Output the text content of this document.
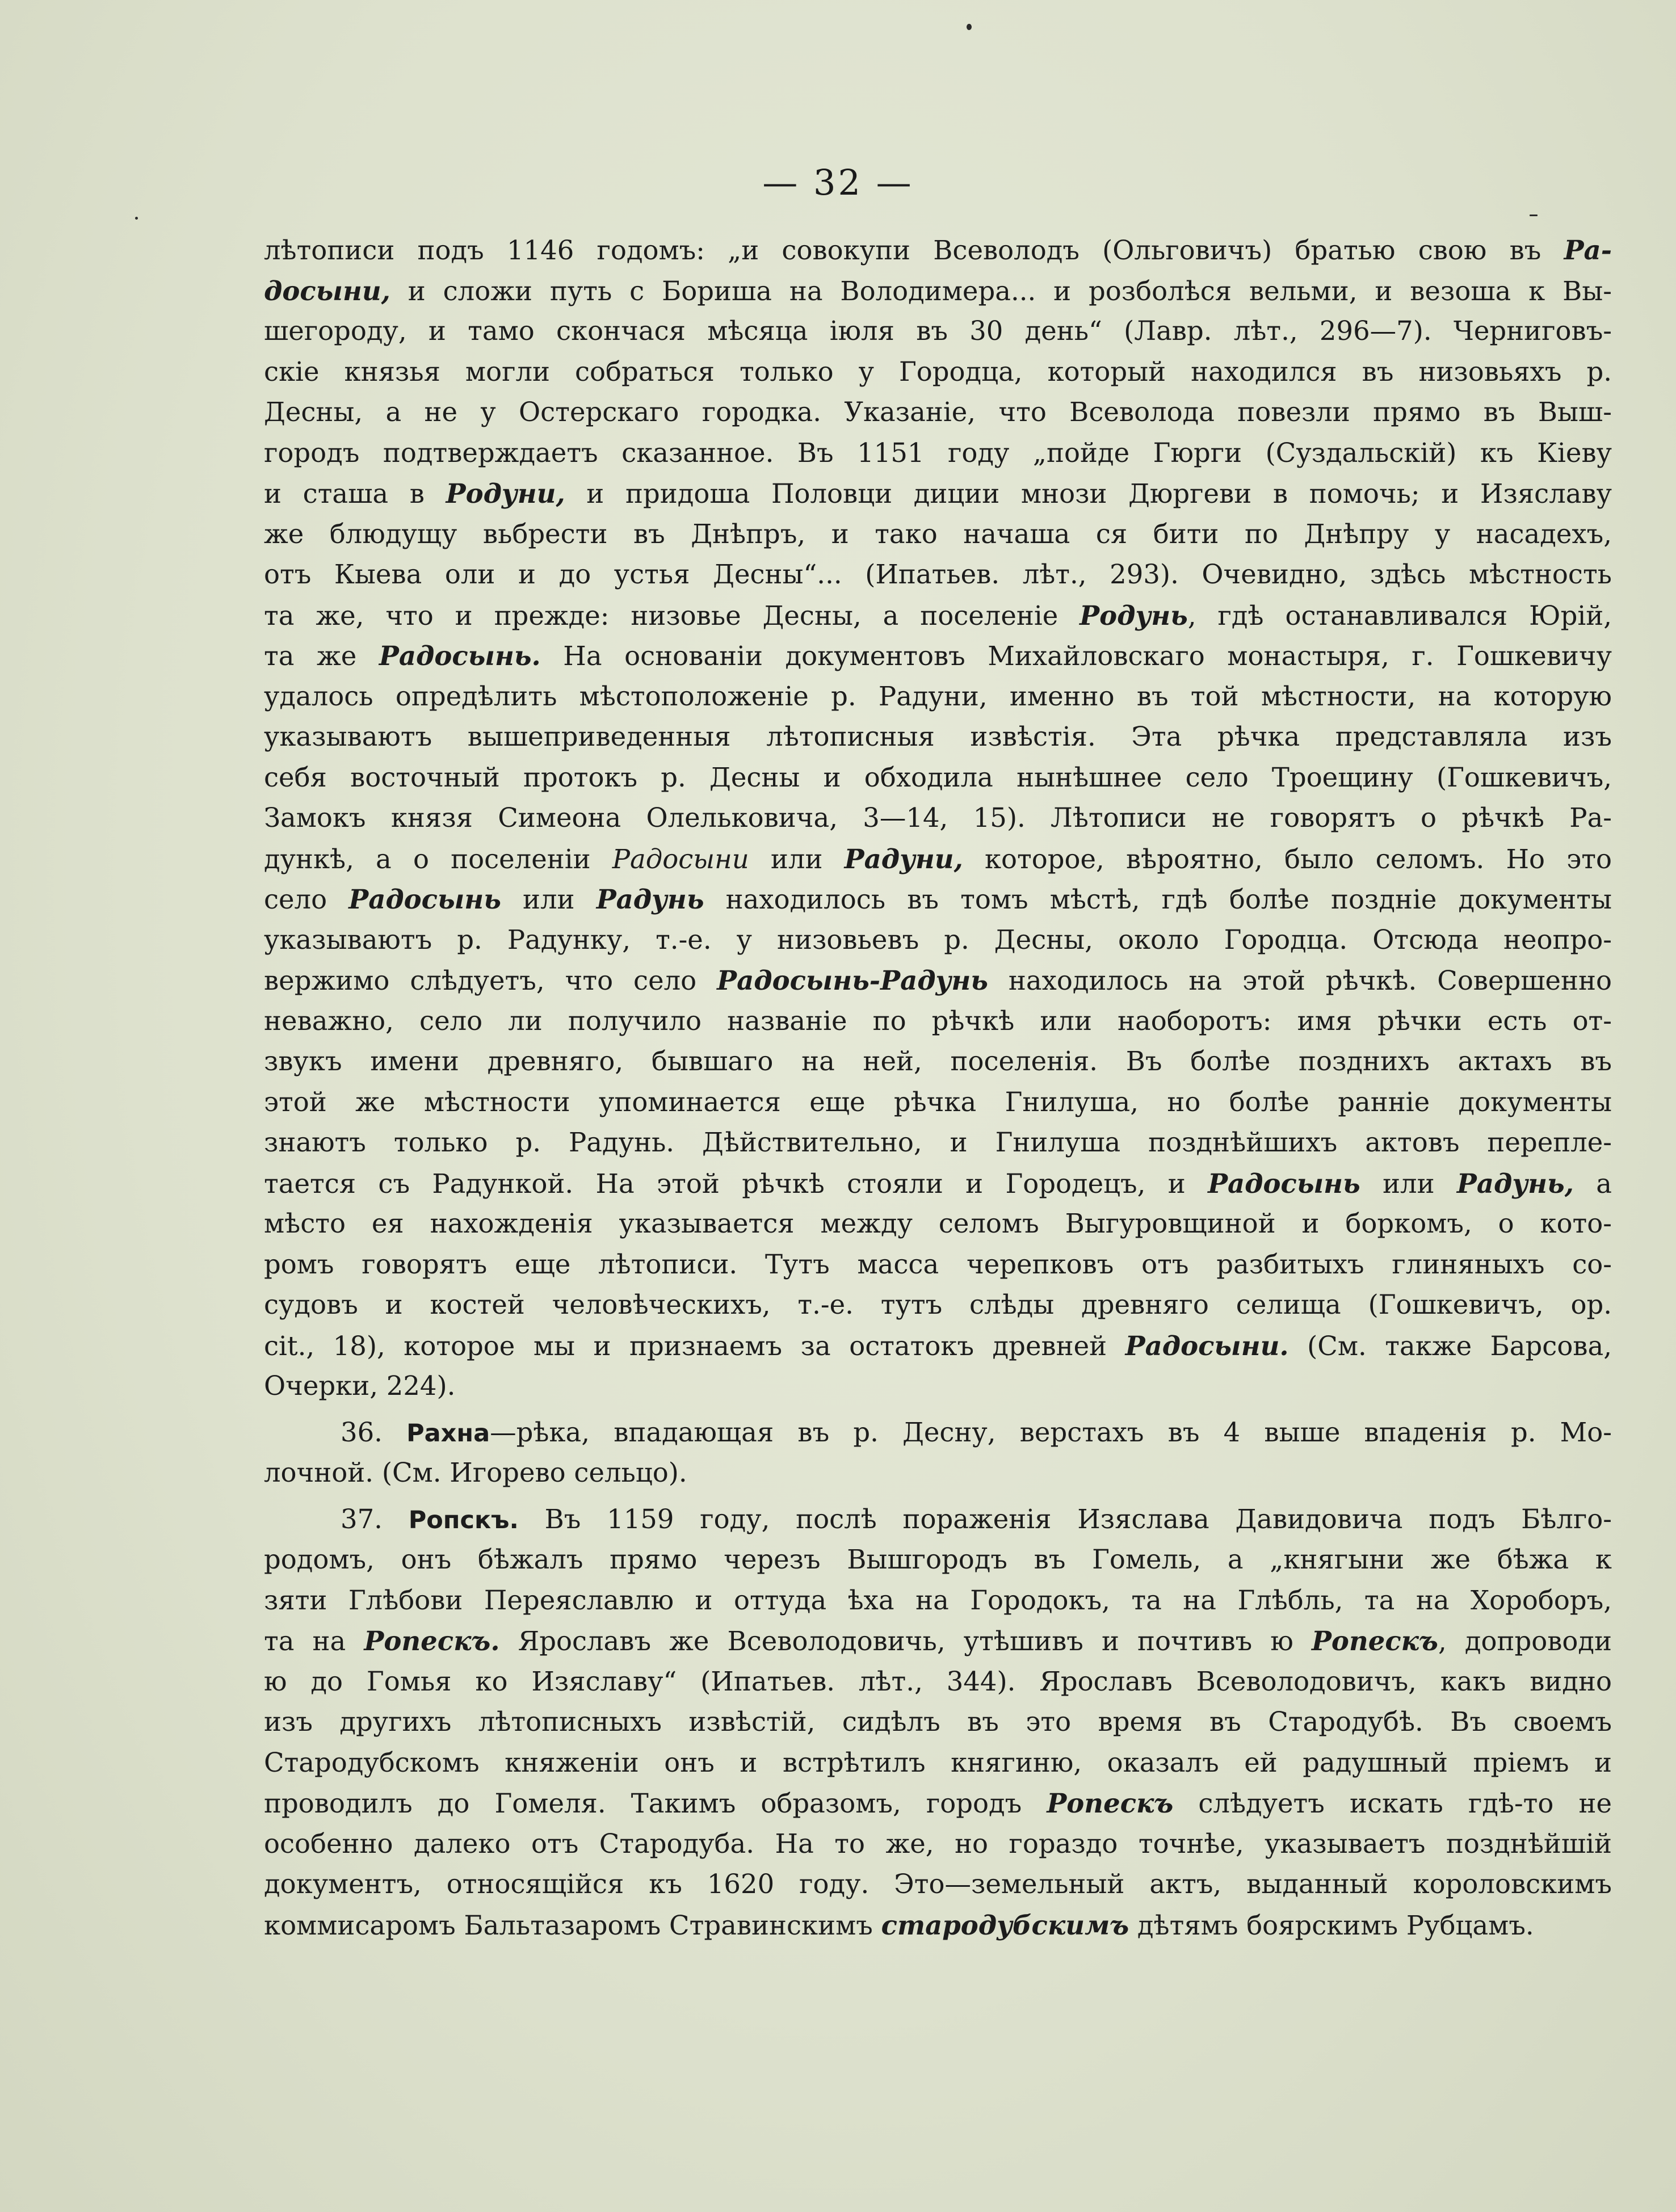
— 32 —
лѣтописи подъ 1146 годомъ: „и совокупи Всеволодъ (Ольговичъ) братью свою въ Ра-
досыни, и сложи путь с Боришa на Володимера... и розболѣся вельми, и везоша к Вы-
шегороду, и тамо скончася мѣсяца іюля въ 30 день“ (Лавр. лѣт., 296—7). Черниговъ-
скіе князья могли собраться только у Городца, который находился въ низовьяхъ р.
Десны, а не у Остерскаго городка. Указаніе, что Всеволода повезли прямо въ Выш-
городъ подтверждаетъ сказанное. Въ 1151 году „пойде Гюрги (Суздальскій) къ Кіеву
и сташа в Родуни, и придоша Половци диции мнози Дюргеви в помочь; и Изяславу
же блюдущу вьбрести въ Днѣпръ, и тако начаша ся бити по Днѣпру у насадехъ,
отъ Кыева оли и до устья Десны“... (Ипатьев. лѣт., 293). Очевидно, здѣсь мѣстность
та же, что и прежде: низовье Десны, а поселеніе Родунь, гдѣ останавливался Юрій,
та же Радосынь. На основаніи документовъ Михайловскаго монастыря, г. Гошкевичу
удалось опредѣлить мѣстоположеніе р. Радуни, именно въ той мѣстности, на которую
указываютъ вышеприведенныя лѣтописныя извѣстія. Эта рѣчка представляла изъ
себя восточный протокъ р. Десны и обходила нынѣшнее село Троещину (Гошкевичъ,
Замокъ князя Симеона Олельковича, 3—14, 15). Лѣтописи не говорятъ о рѣчкѣ Ра-
дункѣ, а о поселеніи Радосыни или Радуни, которое, вѣроятно, было селомъ. Но это
село Радосынь или Радунь находилось въ томъ мѣстѣ, гдѣ болѣе поздніе документы
указываютъ р. Радунку, т.-е. у низовьевъ р. Десны, около Городца. Отсюда неопро-
вержимо слѣдуетъ, что село Радосынь-Радунь находилось на этой рѣчкѣ. Совершенно
неважно, село ли получило названіе по рѣчкѣ или наоборотъ: имя рѣчки есть от-
звукъ имени древняго, бывшаго на ней, поселенія. Въ болѣе позднихъ актахъ въ
этой же мѣстности упоминается еще рѣчка Гнилуша, но болѣе ранніе документы
знаютъ только р. Радунь. Дѣйствительно, и Гнилуша позднѣйшихъ актовъ перепле-
тается съ Радункой. На этой рѣчкѣ стояли и Городецъ, и Радосынь или Радунь, а
мѣсто ея нахожденія указывается между селомъ Выгуровщиной и боркомъ, о кото-
ромъ говорятъ еще лѣтописи. Тутъ масса черепковъ отъ разбитыхъ глиняныхъ со-
судовъ и костей человѣческихъ, т.-е. тутъ слѣды древняго селища (Гошкевичъ, ор.
cit., 18), которое мы и признаемъ за остатокъ древней Радосыни. (См. также Барсова,
Очерки, 224).
36. Рахна—рѣка, впадающая въ р. Десну, верстахъ въ 4 выше впаденія р. Мо-
лочной. (См. Игорево сельцо).
37. Ропскъ. Въ 1159 году, послѣ пораженія Изяслава Давидовича подъ Бѣлго-
родомъ, онъ бѣжалъ прямо черезъ Вышгородъ въ Гомель, а „княгыни же бѣжа к
зяти Глѣбови Переяславлю и оттуда ѣха на Городокъ, та на Глѣбль, та на Хороборъ,
та на Ропескъ. Ярославъ же Всеволодовичь, утѣшивъ и почтивъ ю Ропескъ, допроводи
ю до Гомья ко Изяславу“ (Ипатьев. лѣт., 344). Ярославъ Всеволодовичъ, какъ видно
изъ другихъ лѣтописныхъ извѣстій, сидѣлъ въ это время въ Стародубѣ. Въ своемъ
Стародубскомъ княженіи онъ и встрѣтилъ княгиню, оказалъ ей радушный пріемъ и
проводилъ до Гомеля. Такимъ образомъ, городъ Ропескъ слѣдуетъ искать гдѣ-то не
особенно далеко отъ Стародуба. На то же, но гораздо точнѣе, указываетъ позднѣйшій
документъ, относящійся къ 1620 году. Это—земельный актъ, выданный короловскимъ
коммисаромъ Бальтазаромъ Стравинскимъ стародубскимъ дѣтямъ боярскимъ Рубцамъ.
